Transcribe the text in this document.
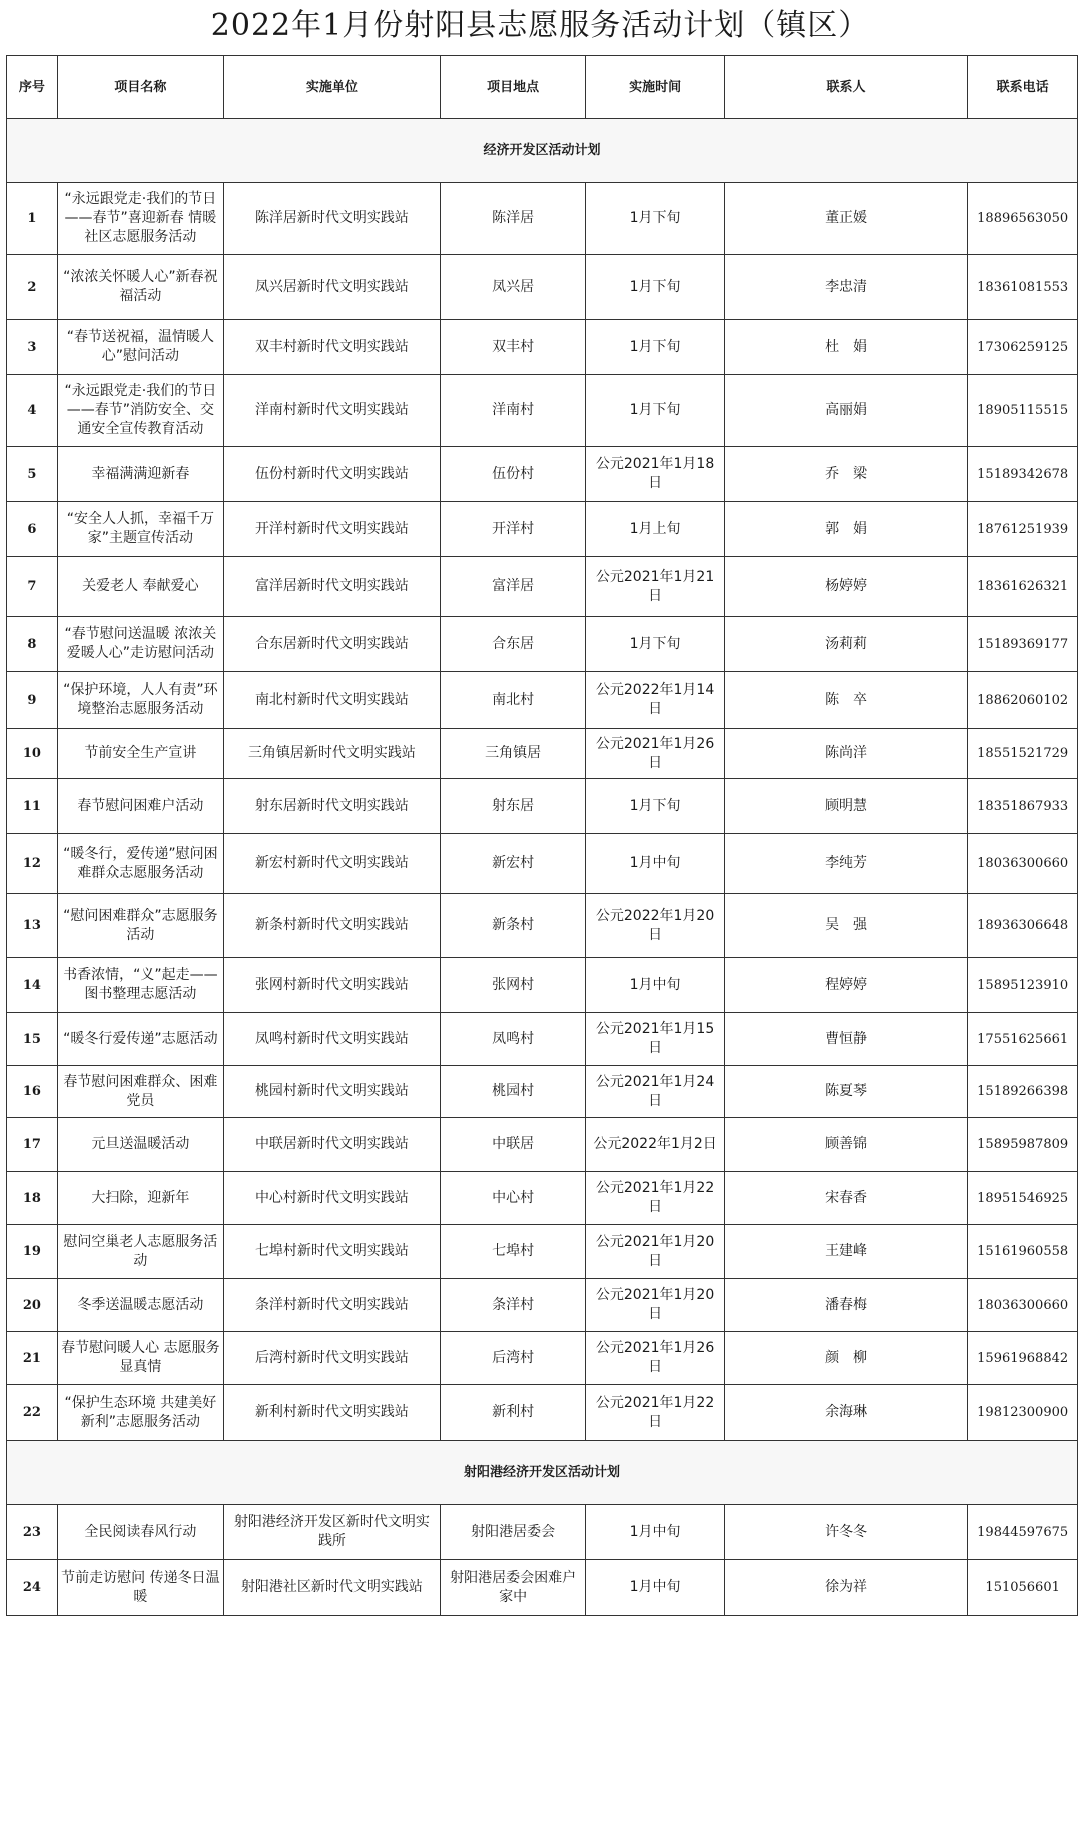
2022年1月份射阳县志愿服务活动计划（镇区）
序号	项目名称	实施单位	项目地点	实施时间	联系人	联系电话
经济开发区活动计划						
1	“永远跟党走·我们的节日——春节”喜迎新春 情暖社区志愿服务活动	陈洋居新时代文明实践站	陈洋居	1月下旬	董正媛	18896563050
2	“浓浓关怀暖人心”新春祝福活动	凤兴居新时代文明实践站	凤兴居	1月下旬	李忠清	18361081553
3	“春节送祝福，温情暖人心”慰问活动	双丰村新时代文明实践站	双丰村	1月下旬	杜　娟	17306259125
4	“永远跟党走·我们的节日——春节”消防安全、交通安全宣传教育活动	洋南村新时代文明实践站	洋南村	1月下旬	高丽娟	18905115515
5	幸福满满迎新春	伍份村新时代文明实践站	伍份村	公元2021年1月18日	乔　梁	15189342678
6	“安全人人抓，幸福千万家”主题宣传活动	开洋村新时代文明实践站	开洋村	1月上旬	郭　娟	18761251939
7	关爱老人 奉献爱心	富洋居新时代文明实践站	富洋居	公元2021年1月21日	杨婷婷	18361626321
8	“春节慰问送温暖 浓浓关爱暖人心”走访慰问活动	合东居新时代文明实践站	合东居	1月下旬	汤莉莉	15189369177
9	“保护环境，人人有责”环境整治志愿服务活动	南北村新时代文明实践站	南北村	公元2022年1月14日	陈　卒	18862060102
10	节前安全生产宣讲	三角镇居新时代文明实践站	三角镇居	公元2021年1月26日	陈尚洋	18551521729
11	春节慰问困难户活动	射东居新时代文明实践站	射东居	1月下旬	顾明慧	18351867933
12	“暖冬行，爱传递”慰问困难群众志愿服务活动	新宏村新时代文明实践站	新宏村	1月中旬	李纯芳	18036300660
13	“慰问困难群众”志愿服务活动	新条村新时代文明实践站	新条村	公元2022年1月20日	吴　强	18936306648
14	书香浓情，“义”起走——图书整理志愿活动	张网村新时代文明实践站	张网村	1月中旬	程婷婷	15895123910
15	“暖冬行爱传递”志愿活动	凤鸣村新时代文明实践站	凤鸣村	公元2021年1月15日	曹恒静	17551625661
16	春节慰问困难群众、困难党员	桃园村新时代文明实践站	桃园村	公元2021年1月24日	陈夏琴	15189266398
17	元旦送温暖活动	中联居新时代文明实践站	中联居	公元2022年1月2日	顾善锦	15895987809
18	大扫除，迎新年	中心村新时代文明实践站	中心村	公元2021年1月22日	宋春香	18951546925
19	慰问空巢老人志愿服务活动	七埠村新时代文明实践站	七埠村	公元2021年1月20日	王建峰	15161960558
20	冬季送温暖志愿活动	条洋村新时代文明实践站	条洋村	公元2021年1月20日	潘春梅	18036300660
21	春节慰问暖人心 志愿服务显真情	后湾村新时代文明实践站	后湾村	公元2021年1月26日	颜　柳	15961968842
22	“保护生态环境 共建美好新利”志愿服务活动	新利村新时代文明实践站	新利村	公元2021年1月22日	余海琳	19812300900
射阳港经济开发区活动计划						
23	全民阅读春风行动	射阳港经济开发区新时代文明实践所	射阳港居委会	1月中旬	许冬冬	19844597675
24	节前走访慰问 传递冬日温暖	射阳港社区新时代文明实践站	射阳港居委会困难户家中	1月中旬	徐为祥	151056601
